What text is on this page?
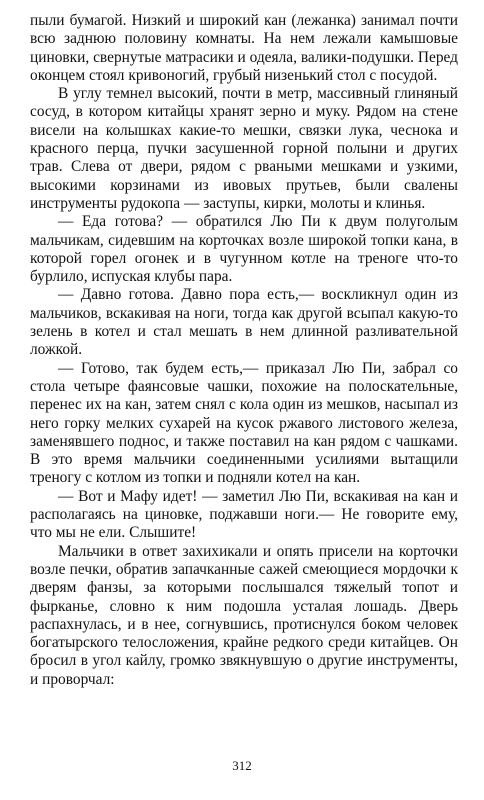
пыли бумагой. Низкий и широкий кан (лежанка) занимал почти всю заднюю половину комнаты. На нем лежали камышовые циновки, свернутые матрасики и одеяла, валики-подушки. Перед оконцем стоял кривоногий, грубый низенький стол с посудой.

В углу темнел высокий, почти в метр, массивный глиняный сосуд, в котором китайцы хранят зерно и муку. Рядом на стене висели на колышках какие-то мешки, связки лука, чеснока и красного перца, пучки засушенной горной полыни и других трав. Слева от двери, рядом с рваными мешками и узкими, высокими корзинами из ивовых прутьев, были свалены инструменты рудокопа — заступы, кирки, молоты и клинья.

— Еда готова? — обратился Лю Пи к двум полуголым мальчикам, сидевшим на корточках возле широкой топки кана, в которой горел огонек и в чугунном котле на треноге что-то бурлило, испуская клубы пара.

— Давно готова. Давно пора есть,— воскликнул один из мальчиков, вскакивая на ноги, тогда как другой всыпал какую-то зелень в котел и стал мешать в нем длинной разливательной ложкой.

— Готово, так будем есть,— приказал Лю Пи, забрал со стола четыре фаянсовые чашки, похожие на полоскательные, перенес их на кан, затем снял с кола один из мешков, насыпал из него горку мелких сухарей на кусок ржавого листового железа, заменявшего поднос, и также поставил на кан рядом с чашками. В это время мальчики соединенными усилиями вытащили треногу с котлом из топки и подняли котел на кан.

— Вот и Мафу идет! — заметил Лю Пи, вскакивая на кан и располагаясь на циновке, поджавши ноги.— Не говорите ему, что мы не ели. Слышите!

Мальчики в ответ захихикали и опять присели на корточки возле печки, обратив запачканные сажей смеющиеся мордочки к дверям фанзы, за которыми послышался тяжелый топот и фырканье, словно к ним подошла усталая лошадь. Дверь распахнулась, и в нее, согнувшись, протиснулся боком человек богатырского телосложения, крайне редкого среди китайцев. Он бросил в угол кайлу, громко звякнувшую о другие инструменты, и проворчал:

312
